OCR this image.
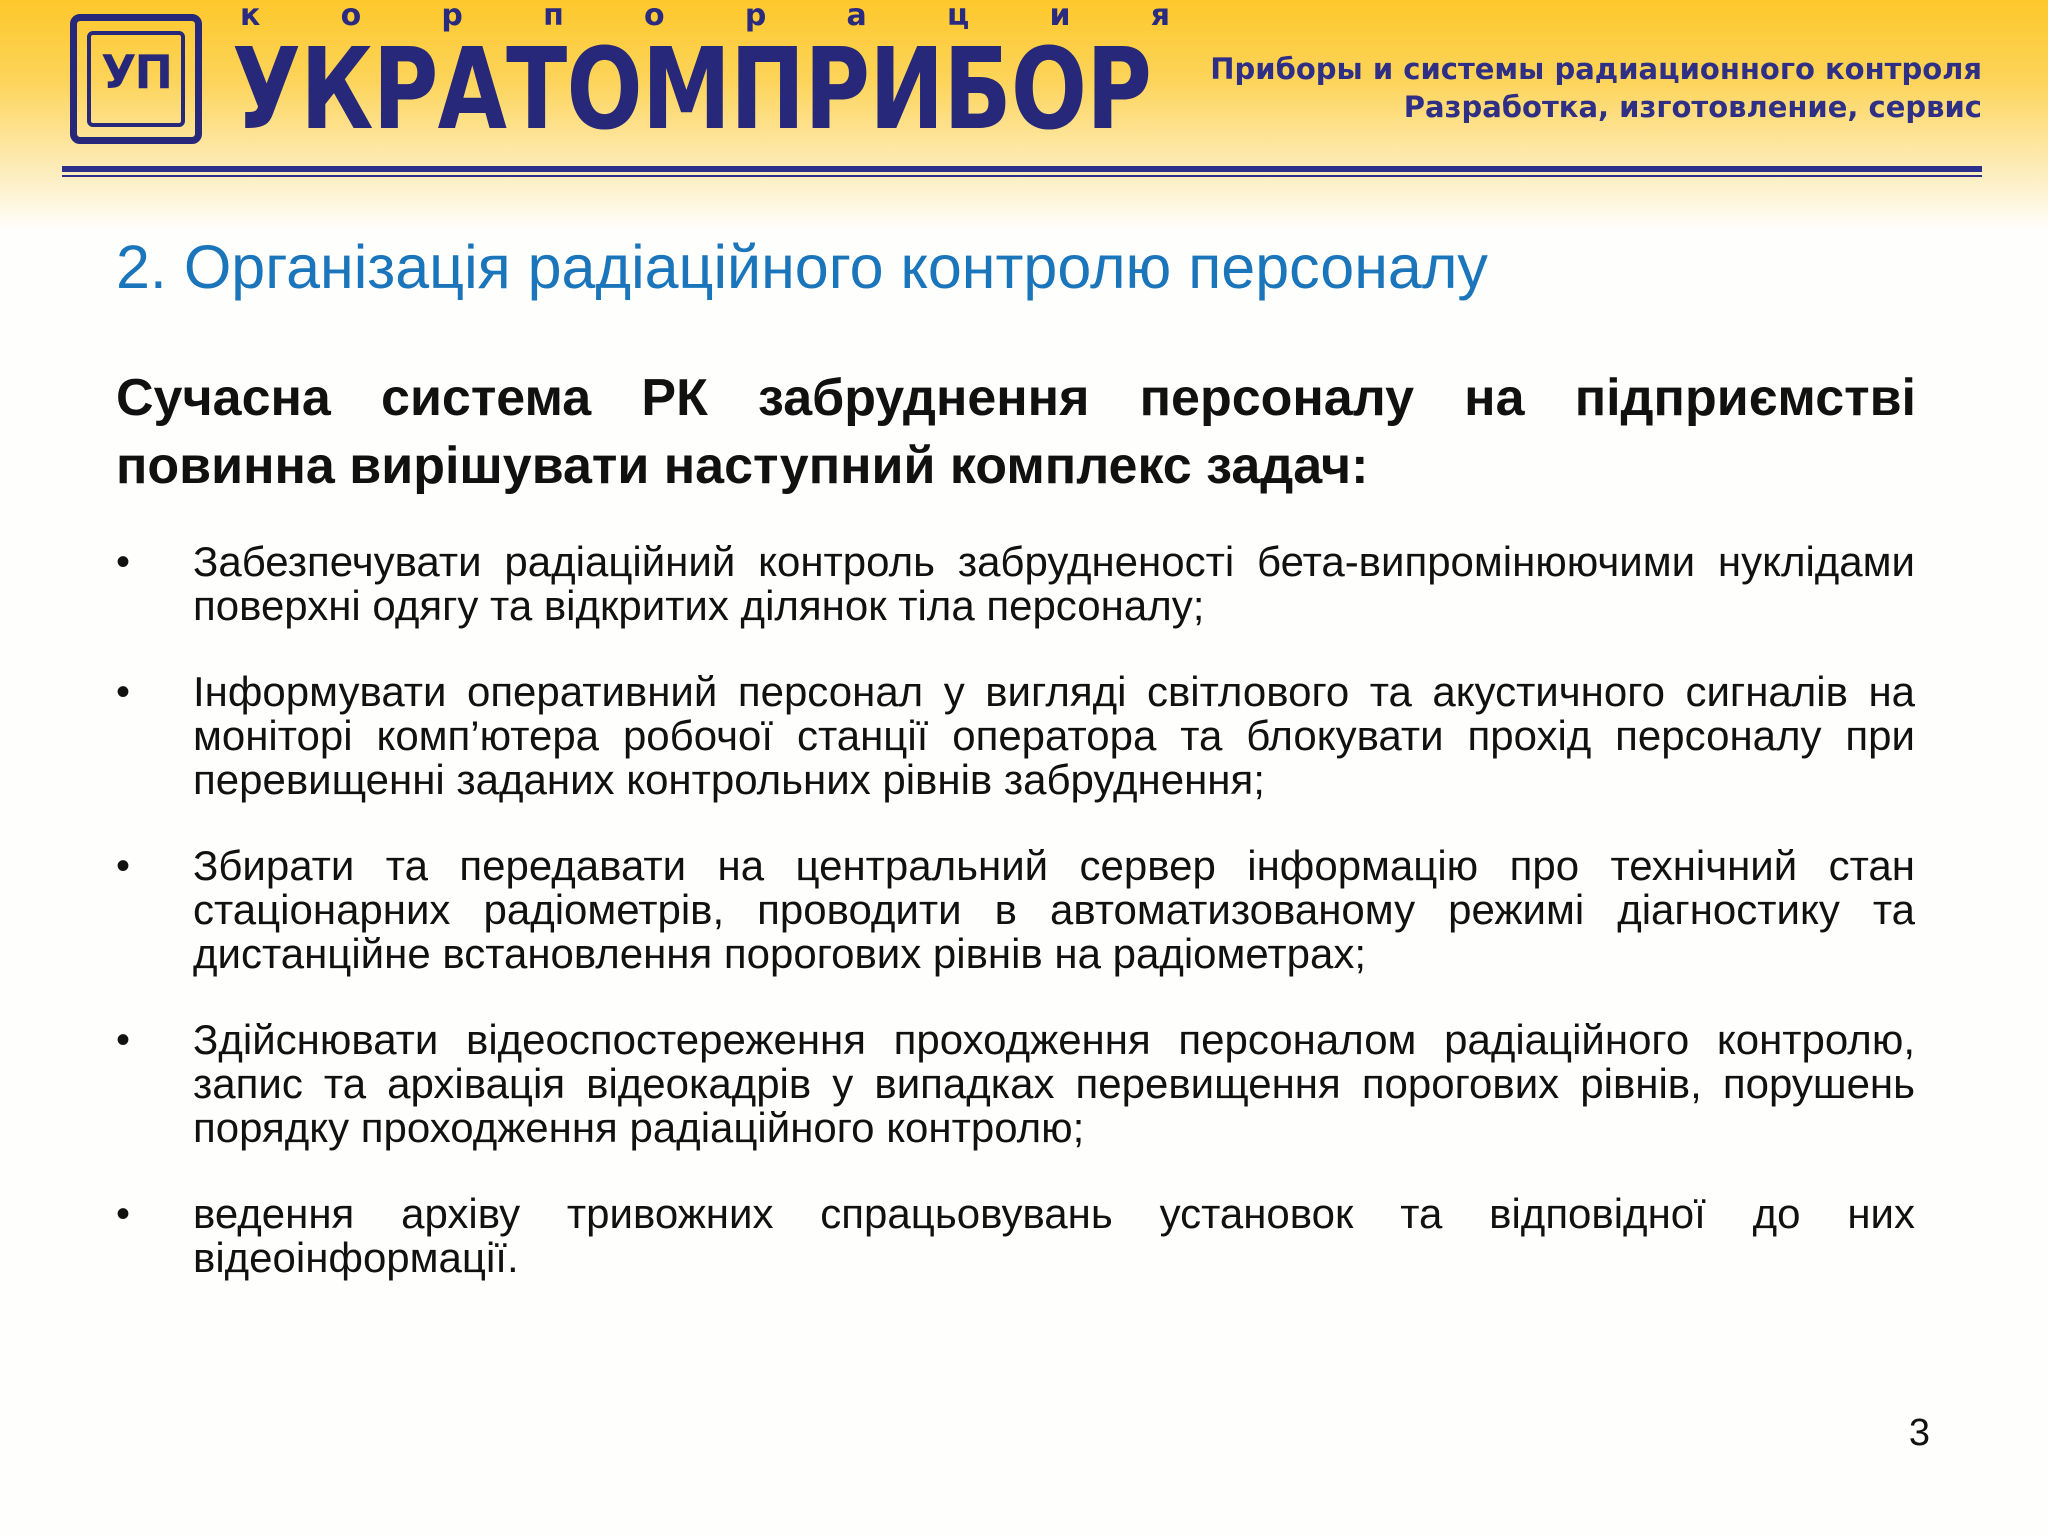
УП
к	о	р	п	о	р	а	ц	и	я
УКРАТОМПРИБОР	Приборы и системы радиационного контроля
Разработка, изготовление, сервис
2. Організація радіаційного контролю персоналу
Сучасна система РК забруднення персоналу на підприємстві повинна вирішувати наступний комплекс задач:
• Забезпечувати радіаційний контроль забрудненості бета-випромінюючими нуклідами поверхні одягу та відкритих ділянок тіла персоналу;
• Інформувати оперативний персонал у вигляді світлового та акустичного сигналів на моніторі комп’ютера робочої станції оператора та блокувати прохід персоналу при перевищенні заданих контрольних рівнів забруднення;
• Збирати та передавати на центральний сервер інформацію про технічний стан стаціонарних радіометрів, проводити в автоматизованому режимі діагностику та дистанційне встановлення порогових рівнів на радіометрах;
• Здійснювати відеоспостереження проходження персоналом радіаційного контролю, запис та архівація відеокадрів у випадках перевищення порогових рівнів, порушень порядку проходження радіаційного контролю;
• ведення архіву тривожних спрацьовувань установок та відповідної до них відеоінформації.
3
